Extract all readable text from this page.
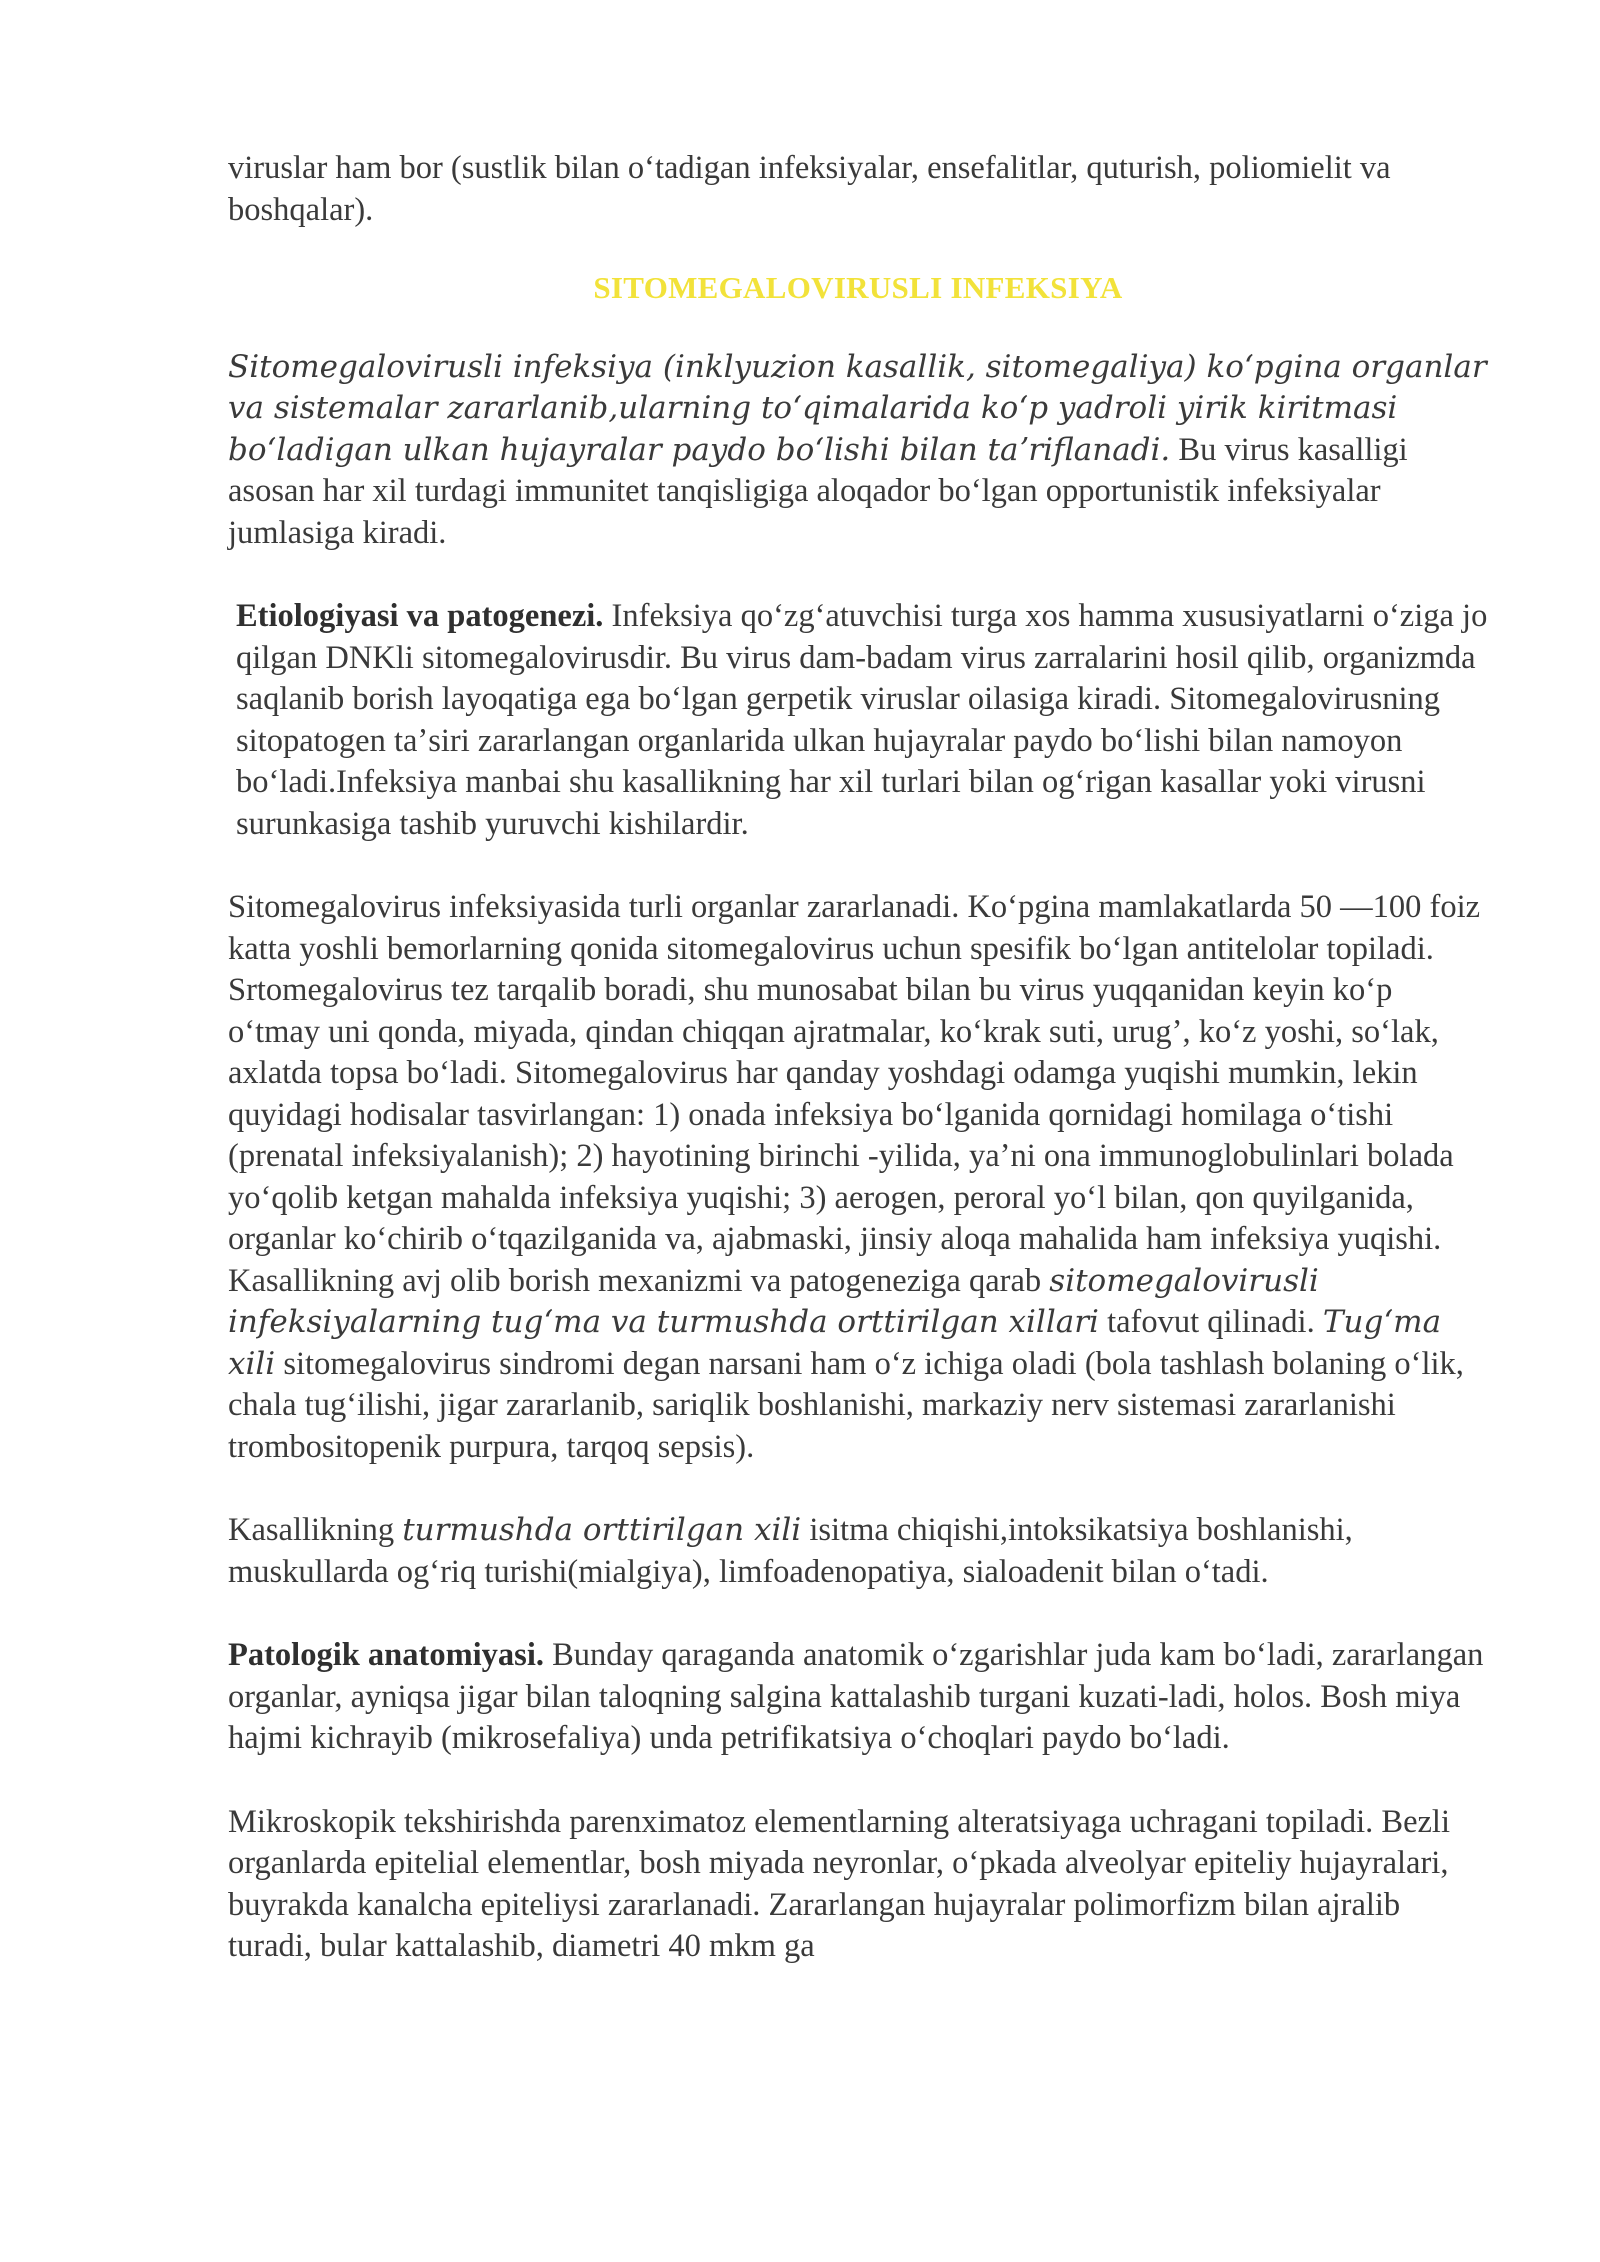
viruslar ham bor (sustlik bilan oʻtadigan infeksiyalar, ensefalitlar, quturish, poliomielit va boshqalar).

SITOMEGALOVIRUSLI INFEKSIYA

Sitomegalovirusli infeksiya (inklyuzion kasallik, sitomegaliya) koʻpgina organlar va sistemalar zararlanib,ularning toʻqimalarida koʻp yadroli yirik kiritmasi boʻladigan ulkan hujayralar paydo boʻlishi bilan taʼriflanadi. Bu virus kasalligi asosan har xil turdagi immunitet tanqisligiga aloqador boʻlgan opportunistik infeksiyalar jumlasiga kiradi.

Etiologiyasi va patogenezi. Infeksiya qoʻzgʻatuvchisi turga xos hamma xususiyatlarni oʻziga jo qilgan DNKli sitomegalovirusdir. Bu virus dam-badam virus zarralarini hosil qilib, organizmda saqlanib borish layoqatiga ega boʻlgan gerpetik viruslar oilasiga kiradi. Sitomegalovirusning sitopatogen taʼsiri zararlangan organlarida ulkan hujayralar paydo boʻlishi bilan namoyon boʻladi.Infeksiya manbai shu kasallikning har xil turlari bilan ogʻrigan kasallar yoki virusni surunkasiga tashib yuruvchi kishilardir.

Sitomegalovirus infeksiyasida turli organlar zararlanadi. Koʻpgina mamlakatlarda 50 —100 foiz katta yoshli bemorlarning qonida sitomegalovirus uchun spesifik boʻlgan antitelolar topiladi. Srtomegalovirus tez tarqalib boradi, shu munosabat bilan bu virus yuqqanidan keyin koʻp oʻtmay uni qonda, miyada, qindan chiqqan ajratmalar, koʻkrak suti, urugʼ, koʻz yoshi, soʻlak, axlatda topsa boʻladi. Sitomegalovirus har qanday yoshdagi odamga yuqishi mumkin, lekin quyidagi hodisalar tasvirlangan: 1) onada infeksiya boʻlganida qornidagi homilaga oʻtishi (prenatal infeksiyalanish); 2) hayotining birinchi -yilida, yaʼni ona immunoglobulinlari bolada yoʻqolib ketgan mahalda infeksiya yuqishi; 3) aerogen, peroral yoʻl bilan, qon quyilganida, organlar koʻchirib oʻtqazilganida va, ajabmaski, jinsiy aloqa mahalida ham infeksiya yuqishi. Kasallikning avj olib borish mexanizmi va patogeneziga qarab sitomegalovirusli infeksiyalarning tugʻma va turmushda orttirilgan xillari tafovut qilinadi. Tugʻma xili sitomegalovirus sindromi degan narsani ham oʻz ichiga oladi (bola tashlash bolaning oʻlik, chala tugʻilishi, jigar zararlanib, sariqlik boshlanishi, markaziy nerv sistemasi zararlanishi trombositopenik purpura, tarqoq sepsis).

Kasallikning turmushda orttirilgan xili isitma chiqishi,intoksikatsiya boshlanishi, muskullarda ogʻriq turishi(mialgiya), limfoadenopatiya, sialoadenit bilan oʻtadi.

Patologik anatomiyasi. Bunday qaraganda anatomik oʻzgarishlar juda kam boʻladi, zararlangan organlar, ayniqsa jigar bilan taloqning salgina kattalashib turgani kuzati-ladi, holos. Bosh miya hajmi kichrayib (mikrosefaliya) unda petrifikatsiya oʻchoqlari paydo boʻladi.

Mikroskopik tekshirishda parenximatoz elementlarning alteratsiyaga uchragani topiladi. Bezli organlarda epitelial elementlar, bosh miyada neyronlar, oʻpkada alveolyar epiteliy hujayralari, buyrakda kanalcha epiteliysi zararlanadi. Zararlangan hujayralar polimorfizm bilan ajralib turadi, bular kattalashib, diametri 40 mkm ga
